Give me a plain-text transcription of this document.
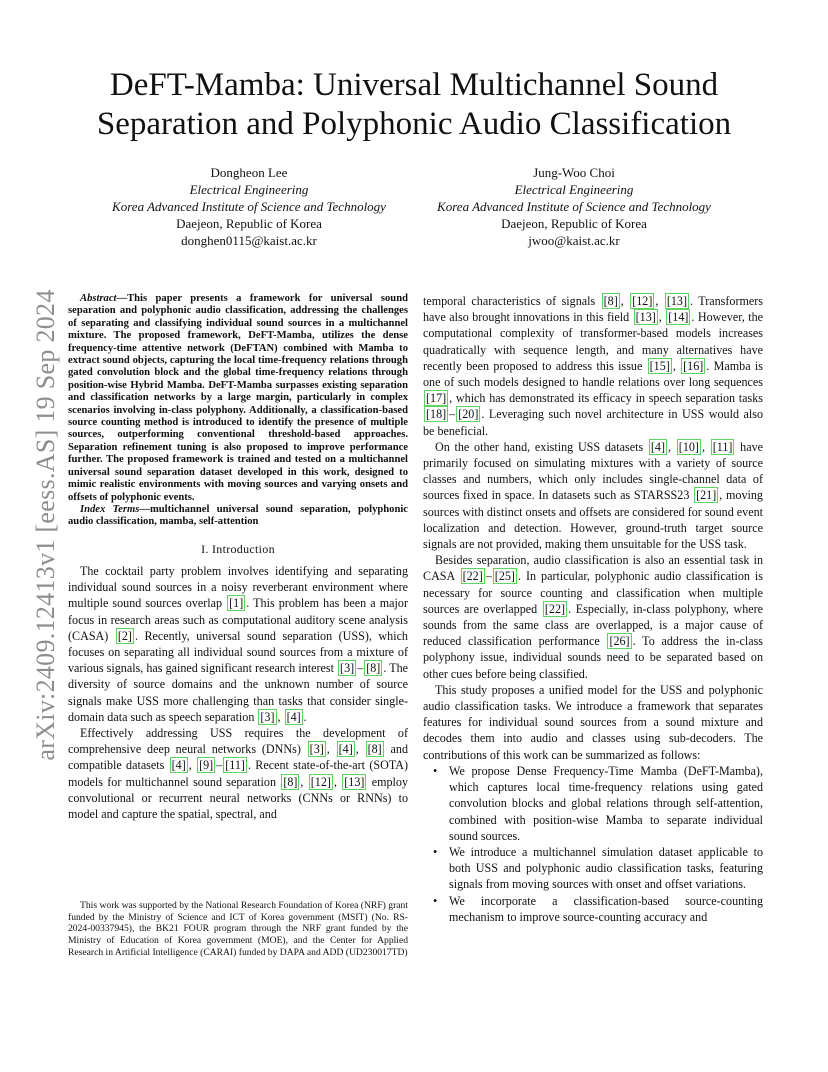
arXiv:2409.12413v1 [eess.AS] 19 Sep 2024
DeFT-Mamba: Universal Multichannel Sound
Separation and Polyphonic Audio Classification
Dongheon Lee
Electrical Engineering
Korea Advanced Institute of Science and Technology
Daejeon, Republic of Korea
donghen0115@kaist.ac.kr
Jung-Woo Choi
Electrical Engineering
Korea Advanced Institute of Science and Technology
Daejeon, Republic of Korea
jwoo@kaist.ac.kr

Abstract—This paper presents a framework for universal sound separation and polyphonic audio classification, addressing the challenges of separating and classifying individual sound sources in a multichannel mixture. The proposed framework, DeFT-Mamba, utilizes the dense frequency-time attentive network (DeFTAN) combined with Mamba to extract sound objects, capturing the local time-frequency relations through gated convolution block and the global time-frequency relations through position-wise Hybrid Mamba. DeFT-Mamba surpasses existing separation and classification networks by a large margin, particularly in complex scenarios involving in-class polyphony. Additionally, a classification-based source counting method is introduced to identify the presence of multiple sources, outperforming conventional threshold-based approaches. Separation refinement tuning is also proposed to improve performance further. The proposed framework is trained and tested on a multichannel universal sound separation dataset developed in this work, designed to mimic realistic environments with moving sources and varying onsets and offsets of polyphonic events.

Index Terms—multichannel universal sound separation, polyphonic audio classification, mamba, self-attention

I. Introduction

The cocktail party problem involves identifying and separating individual sound sources in a noisy reverberant environment where multiple sound sources overlap [1] . This problem has been a major focus in research areas such as computational auditory scene analysis (CASA) [2] . Recently, universal sound separation (USS), which focuses on separating all individual sound sources from a mixture of various signals, has gained significant research interest [3] – [8] . The diversity of source domains and the unknown number of source signals make USS more challenging than tasks that consider single-domain data such as speech separation [3] , [4] .

Effectively addressing USS requires the development of comprehensive deep neural networks (DNNs) [3] , [4] , [8] and compatible datasets [4] , [9] – [11] . Recent state-of-the-art (SOTA) models for multichannel sound separation [8] , [12] , [13] employ convolutional or recurrent neural networks (CNNs or RNNs) to model and capture the spatial, spectral, and

This work was supported by the National Research Foundation of Korea (NRF) grant funded by the Ministry of Science and ICT of Korea government (MSIT) (No. RS-2024-00337945), the BK21 FOUR program through the NRF grant funded by the Ministry of Education of Korea government (MOE), and the Center for Applied Research in Artificial Intelligence (CARAI) funded by DAPA and ADD (UD230017TD)

temporal characteristics of signals [8] , [12] , [13] . Transformers have also brought innovations in this field [13] , [14] . However, the computational complexity of transformer-based models increases quadratically with sequence length, and many alternatives have recently been proposed to address this issue [15] , [16] . Mamba is one of such models designed to handle relations over long sequences [17] , which has demonstrated its efficacy in speech separation tasks [18] – [20] . Leveraging such novel architecture in USS would also be beneficial.

On the other hand, existing USS datasets [4] , [10] , [11] have primarily focused on simulating mixtures with a variety of source classes and numbers, which only includes single-channel data of sources fixed in space. In datasets such as STARSS23 [21] , moving sources with distinct onsets and offsets are considered for sound event localization and detection. However, ground-truth target source signals are not provided, making them unsuitable for the USS task.

Besides separation, audio classification is also an essential task in CASA [22] – [25] . In particular, polyphonic audio classification is necessary for source counting and classification when multiple sources are overlapped [22] . Especially, in-class polyphony, where sounds from the same class are overlapped, is a major cause of reduced classification performance [26] . To address the in-class polyphony issue, individual sounds need to be separated based on other cues before being classified.

This study proposes a unified model for the USS and polyphonic audio classification tasks. We introduce a framework that separates features for individual sound sources from a sound mixture and decodes them into audio and classes using sub-decoders. The contributions of this work can be summarized as follows:

• We propose Dense Frequency-Time Mamba (DeFT-Mamba), which captures local time-frequency relations using gated convolution blocks and global relations through self-attention, combined with position-wise Mamba to separate individual sound sources.
• We introduce a multichannel simulation dataset applicable to both USS and polyphonic audio classification tasks, featuring signals from moving sources with onset and offset variations.
• We incorporate a classification-based source-counting mechanism to improve source-counting accuracy and
